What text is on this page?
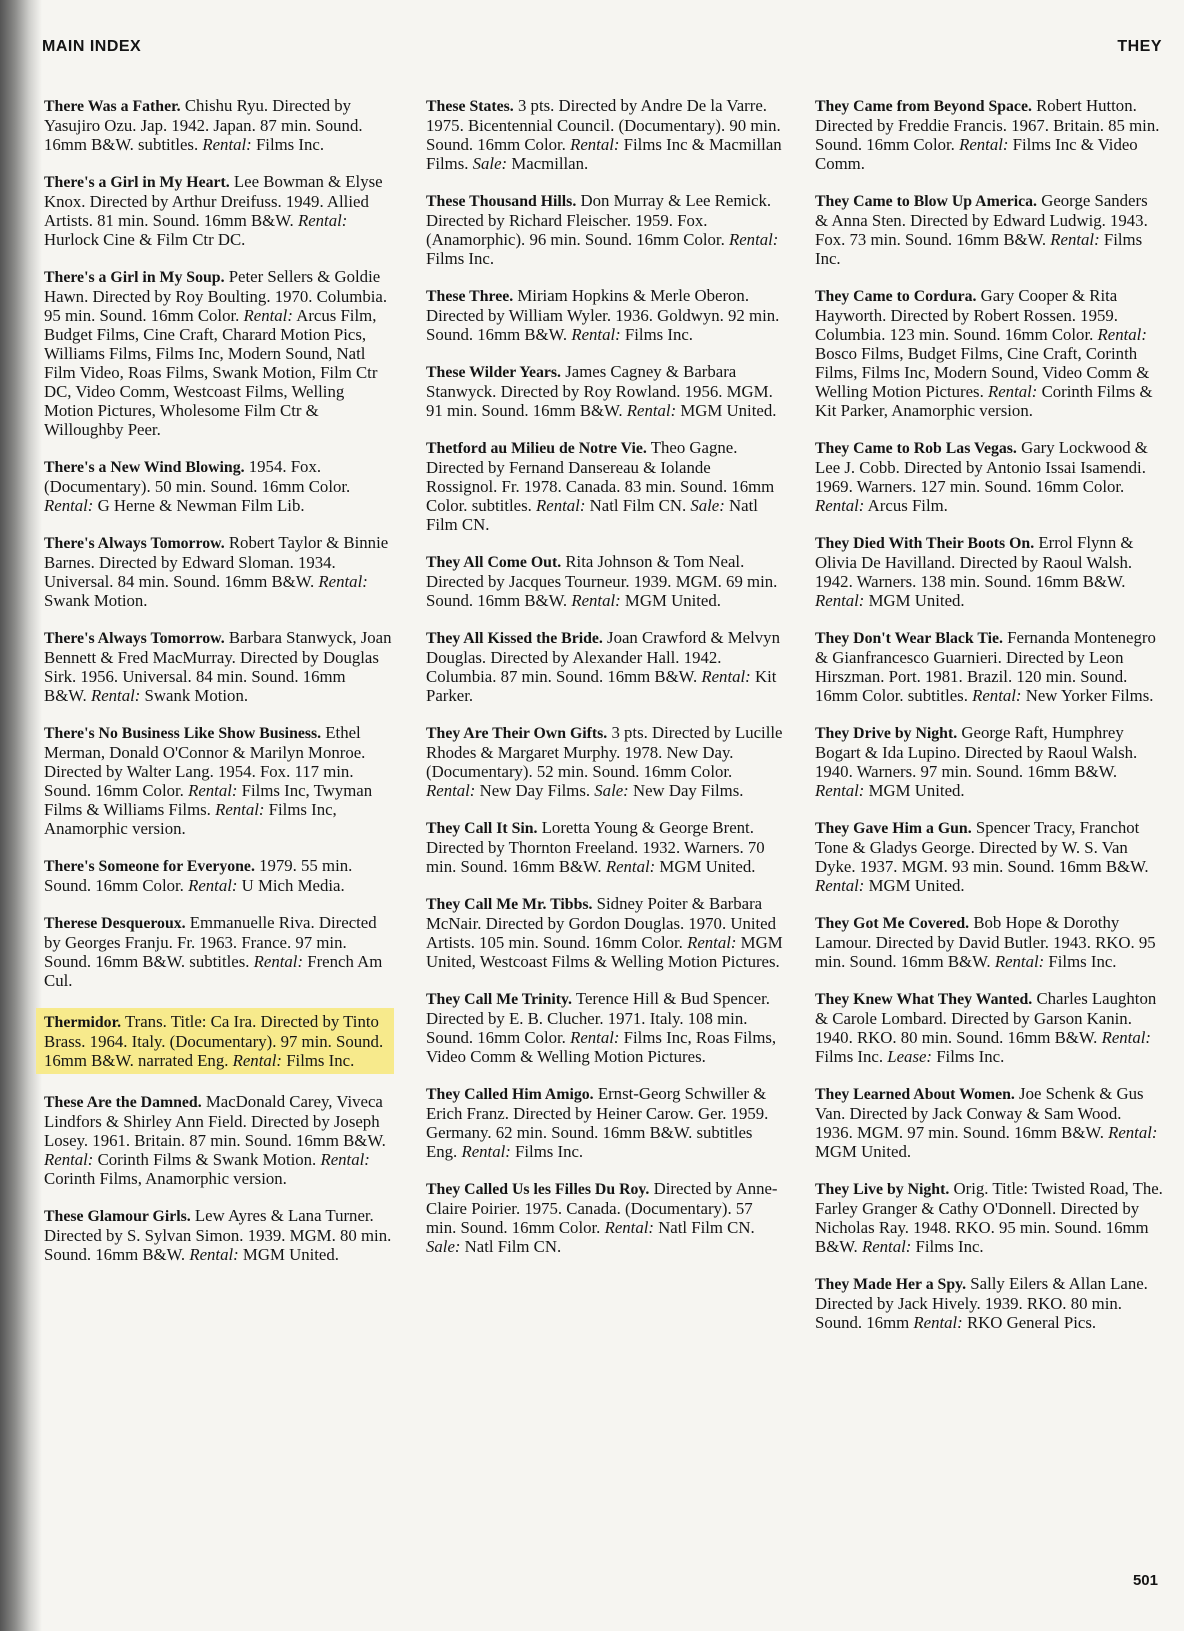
MAIN INDEX	THEY
There Was a Father. Chishu Ryu. Directed by Yasujiro Ozu. Jap. 1942. Japan. 87 min. Sound. 16mm B&W. subtitles. Rental: Films Inc.
There's a Girl in My Heart. Lee Bowman & Elyse Knox. Directed by Arthur Dreifuss. 1949. Allied Artists. 81 min. Sound. 16mm B&W. Rental: Hurlock Cine & Film Ctr DC.
There's a Girl in My Soup. Peter Sellers & Goldie Hawn. Directed by Roy Boulting. 1970. Columbia. 95 min. Sound. 16mm Color. Rental: Arcus Film, Budget Films, Cine Craft, Charard Motion Pics, Williams Films, Films Inc, Modern Sound, Natl Film Video, Roas Films, Swank Motion, Film Ctr DC, Video Comm, Westcoast Films, Welling Motion Pictures, Wholesome Film Ctr & Willoughby Peer.
There's a New Wind Blowing. 1954. Fox. (Documentary). 50 min. Sound. 16mm Color. Rental: G Herne & Newman Film Lib.
There's Always Tomorrow. Robert Taylor & Binnie Barnes. Directed by Edward Sloman. 1934. Universal. 84 min. Sound. 16mm B&W. Rental: Swank Motion.
There's Always Tomorrow. Barbara Stanwyck, Joan Bennett & Fred MacMurray. Directed by Douglas Sirk. 1956. Universal. 84 min. Sound. 16mm B&W. Rental: Swank Motion.
There's No Business Like Show Business. Ethel Merman, Donald O'Connor & Marilyn Monroe. Directed by Walter Lang. 1954. Fox. 117 min. Sound. 16mm Color. Rental: Films Inc, Twyman Films & Williams Films. Rental: Films Inc, Anamorphic version.
There's Someone for Everyone. 1979. 55 min. Sound. 16mm Color. Rental: U Mich Media.
Therese Desqueroux. Emmanuelle Riva. Directed by Georges Franju. Fr. 1963. France. 97 min. Sound. 16mm B&W. subtitles. Rental: French Am Cul.
Thermidor. Trans. Title: Ca Ira. Directed by Tinto Brass. 1964. Italy. (Documentary). 97 min. Sound. 16mm B&W. narrated Eng. Rental: Films Inc.
These Are the Damned. MacDonald Carey, Viveca Lindfors & Shirley Ann Field. Directed by Joseph Losey. 1961. Britain. 87 min. Sound. 16mm B&W. Rental: Corinth Films & Swank Motion. Rental: Corinth Films, Anamorphic version.
These Glamour Girls. Lew Ayres & Lana Turner. Directed by S. Sylvan Simon. 1939. MGM. 80 min. Sound. 16mm B&W. Rental: MGM United.
These States. 3 pts. Directed by Andre De la Varre. 1975. Bicentennial Council. (Documentary). 90 min. Sound. 16mm Color. Rental: Films Inc & Macmillan Films. Sale: Macmillan.
These Thousand Hills. Don Murray & Lee Remick. Directed by Richard Fleischer. 1959. Fox. (Anamorphic). 96 min. Sound. 16mm Color. Rental: Films Inc.
These Three. Miriam Hopkins & Merle Oberon. Directed by William Wyler. 1936. Goldwyn. 92 min. Sound. 16mm B&W. Rental: Films Inc.
These Wilder Years. James Cagney & Barbara Stanwyck. Directed by Roy Rowland. 1956. MGM. 91 min. Sound. 16mm B&W. Rental: MGM United.
Thetford au Milieu de Notre Vie. Theo Gagne. Directed by Fernand Dansereau & Iolande Rossignol. Fr. 1978. Canada. 83 min. Sound. 16mm Color. subtitles. Rental: Natl Film CN. Sale: Natl Film CN.
They All Come Out. Rita Johnson & Tom Neal. Directed by Jacques Tourneur. 1939. MGM. 69 min. Sound. 16mm B&W. Rental: MGM United.
They All Kissed the Bride. Joan Crawford & Melvyn Douglas. Directed by Alexander Hall. 1942. Columbia. 87 min. Sound. 16mm B&W. Rental: Kit Parker.
They Are Their Own Gifts. 3 pts. Directed by Lucille Rhodes & Margaret Murphy. 1978. New Day. (Documentary). 52 min. Sound. 16mm Color. Rental: New Day Films. Sale: New Day Films.
They Call It Sin. Loretta Young & George Brent. Directed by Thornton Freeland. 1932. Warners. 70 min. Sound. 16mm B&W. Rental: MGM United.
They Call Me Mr. Tibbs. Sidney Poiter & Barbara McNair. Directed by Gordon Douglas. 1970. United Artists. 105 min. Sound. 16mm Color. Rental: MGM United, Westcoast Films & Welling Motion Pictures.
They Call Me Trinity. Terence Hill & Bud Spencer. Directed by E. B. Clucher. 1971. Italy. 108 min. Sound. 16mm Color. Rental: Films Inc, Roas Films, Video Comm & Welling Motion Pictures.
They Called Him Amigo. Ernst-Georg Schwiller & Erich Franz. Directed by Heiner Carow. Ger. 1959. Germany. 62 min. Sound. 16mm B&W. subtitles Eng. Rental: Films Inc.
They Called Us les Filles Du Roy. Directed by Anne-Claire Poirier. 1975. Canada. (Documentary). 57 min. Sound. 16mm Color. Rental: Natl Film CN. Sale: Natl Film CN.
They Came from Beyond Space. Robert Hutton. Directed by Freddie Francis. 1967. Britain. 85 min. Sound. 16mm Color. Rental: Films Inc & Video Comm.
They Came to Blow Up America. George Sanders & Anna Sten. Directed by Edward Ludwig. 1943. Fox. 73 min. Sound. 16mm B&W. Rental: Films Inc.
They Came to Cordura. Gary Cooper & Rita Hayworth. Directed by Robert Rossen. 1959. Columbia. 123 min. Sound. 16mm Color. Rental: Bosco Films, Budget Films, Cine Craft, Corinth Films, Films Inc, Modern Sound, Video Comm & Welling Motion Pictures. Rental: Corinth Films & Kit Parker, Anamorphic version.
They Came to Rob Las Vegas. Gary Lockwood & Lee J. Cobb. Directed by Antonio Issai Isamendi. 1969. Warners. 127 min. Sound. 16mm Color. Rental: Arcus Film.
They Died With Their Boots On. Errol Flynn & Olivia De Havilland. Directed by Raoul Walsh. 1942. Warners. 138 min. Sound. 16mm B&W. Rental: MGM United.
They Don't Wear Black Tie. Fernanda Montenegro & Gianfrancesco Guarnieri. Directed by Leon Hirszman. Port. 1981. Brazil. 120 min. Sound. 16mm Color. subtitles. Rental: New Yorker Films.
They Drive by Night. George Raft, Humphrey Bogart & Ida Lupino. Directed by Raoul Walsh. 1940. Warners. 97 min. Sound. 16mm B&W. Rental: MGM United.
They Gave Him a Gun. Spencer Tracy, Franchot Tone & Gladys George. Directed by W. S. Van Dyke. 1937. MGM. 93 min. Sound. 16mm B&W. Rental: MGM United.
They Got Me Covered. Bob Hope & Dorothy Lamour. Directed by David Butler. 1943. RKO. 95 min. Sound. 16mm B&W. Rental: Films Inc.
They Knew What They Wanted. Charles Laughton & Carole Lombard. Directed by Garson Kanin. 1940. RKO. 80 min. Sound. 16mm B&W. Rental: Films Inc. Lease: Films Inc.
They Learned About Women. Joe Schenk & Gus Van. Directed by Jack Conway & Sam Wood. 1936. MGM. 97 min. Sound. 16mm B&W. Rental: MGM United.
They Live by Night. Orig. Title: Twisted Road, The. Farley Granger & Cathy O'Donnell. Directed by Nicholas Ray. 1948. RKO. 95 min. Sound. 16mm B&W. Rental: Films Inc.
They Made Her a Spy. Sally Eilers & Allan Lane. Directed by Jack Hively. 1939. RKO. 80 min. Sound. 16mm Rental: RKO General Pics.
501
